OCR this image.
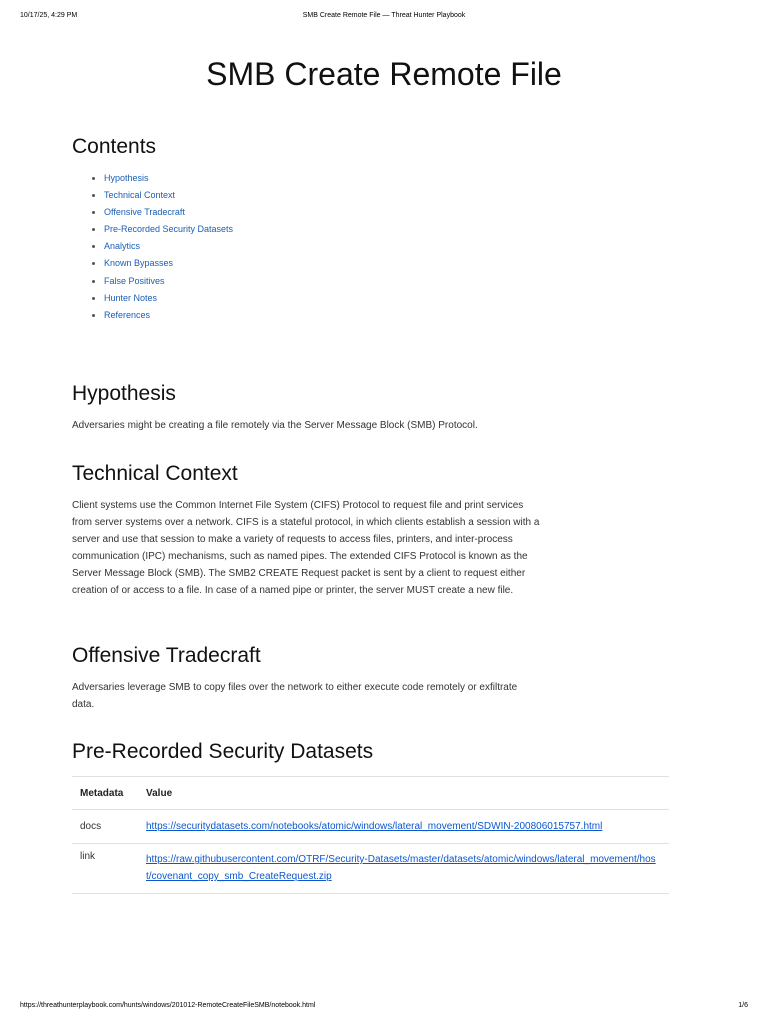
10/17/25, 4:29 PM	SMB Create Remote File — Threat Hunter Playbook
SMB Create Remote File
Contents
• Hypothesis
• Technical Context
• Offensive Tradecraft
• Pre-Recorded Security Datasets
• Analytics
• Known Bypasses
• False Positives
• Hunter Notes
• References
Hypothesis

Adversaries might be creating a file remotely via the Server Message Block (SMB) Protocol.

Technical Context

Client systems use the Common Internet File System (CIFS) Protocol to request file and print services from server systems over a network. CIFS is a stateful protocol, in which clients establish a session with a server and use that session to make a variety of requests to access files, printers, and inter-process communication (IPC) mechanisms, such as named pipes. The extended CIFS Protocol is known as the Server Message Block (SMB). The SMB2 CREATE Request packet is sent by a client to request either creation of or access to a file. In case of a named pipe or printer, the server MUST create a new file.

Offensive Tradecraft

Adversaries leverage SMB to copy files over the network to either execute code remotely or exfiltrate data.

Pre-Recorded Security Datasets
Metadata	Value
docs	https://securitydatasets.com/notebooks/atomic/windows/lateral_movement/SDWIN-200806015757.html
link	https://raw.githubusercontent.com/OTRF/Security-Datasets/master/datasets/atomic/windows/lateral_movement/host/covenant_copy_smb_CreateRequest.zip
https://threathunterplaybook.com/hunts/windows/201012-RemoteCreateFileSMB/notebook.html	1/6
